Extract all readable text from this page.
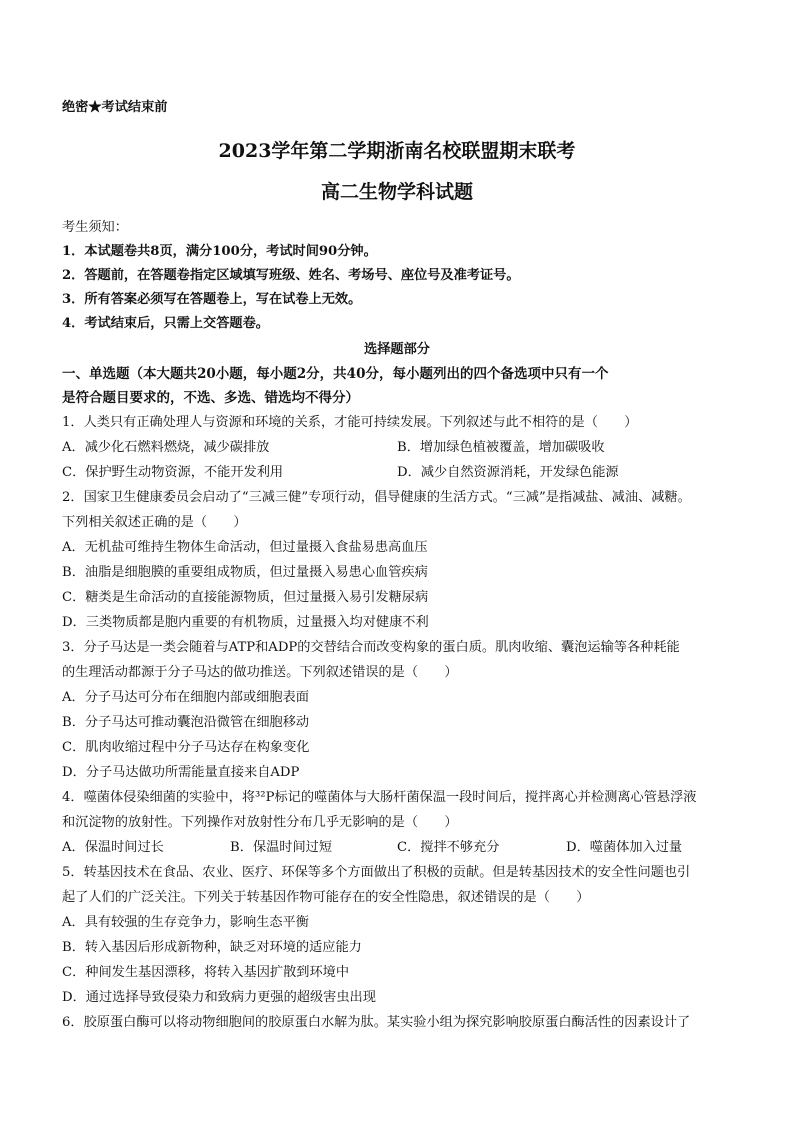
绝密★考试结束前
2023学年第二学期浙南名校联盟期末联考
高二生物学科试题
考生须知：
1．本试题卷共8页，满分100分，考试时间90分钟。
2．答题前，在答题卷指定区域填写班级、姓名、考场号、座位号及准考证号。
3．所有答案必须写在答题卷上，写在试卷上无效。
4．考试结束后，只需上交答题卷。
选择题部分
一、单选题（本大题共20小题，每小题2分，共40分，每小题列出的四个备选项中只有一个
是符合题目要求的，不选、多选、错选均不得分）
1．人类只有正确处理人与资源和环境的关系，才能可持续发展。下列叙述与此不相符的是（　　）
A．减少化石燃料燃烧，减少碳排放	B．增加绿色植被覆盖，增加碳吸收
C．保护野生动物资源，不能开发利用	D．减少自然资源消耗，开发绿色能源
2．国家卫生健康委员会启动了“三减三健”专项行动，倡导健康的生活方式。“三减”是指减盐、减油、减糖。
下列相关叙述正确的是（　　）
A．无机盐可维持生物体生命活动，但过量摄入食盐易患高血压
B．油脂是细胞膜的重要组成物质，但过量摄入易患心血管疾病
C．糖类是生命活动的直接能源物质，但过量摄入易引发糖尿病
D．三类物质都是胞内重要的有机物质，过量摄入均对健康不利
3．分子马达是一类会随着与ATP和ADP的交替结合而改变构象的蛋白质。肌肉收缩、囊泡运输等各种耗能
的生理活动都源于分子马达的做功推送。下列叙述错误的是（　　）
A．分子马达可分布在细胞内部或细胞表面
B．分子马达可推动囊泡沿微管在细胞移动
C．肌肉收缩过程中分子马达存在构象变化
D．分子马达做功所需能量直接来自ADP
4．噬菌体侵染细菌的实验中，将³²P标记的噬菌体与大肠杆菌保温一段时间后，搅拌离心并检测离心管悬浮液
和沉淀物的放射性。下列操作对放射性分布几乎无影响的是（　　）
A．保温时间过长	B．保温时间过短	C．搅拌不够充分	D．噬菌体加入过量
5．转基因技术在食品、农业、医疗、环保等多个方面做出了积极的贡献。但是转基因技术的安全性问题也引
起了人们的广泛关注。下列关于转基因作物可能存在的安全性隐患，叙述错误的是（　　）
A．具有较强的生存竞争力，影响生态平衡
B．转入基因后形成新物种，缺乏对环境的适应能力
C．种间发生基因漂移，将转入基因扩散到环境中
D．通过选择导致侵染力和致病力更强的超级害虫出现
6．胶原蛋白酶可以将动物细胞间的胶原蛋白水解为肽。某实验小组为探究影响胶原蛋白酶活性的因素设计了
